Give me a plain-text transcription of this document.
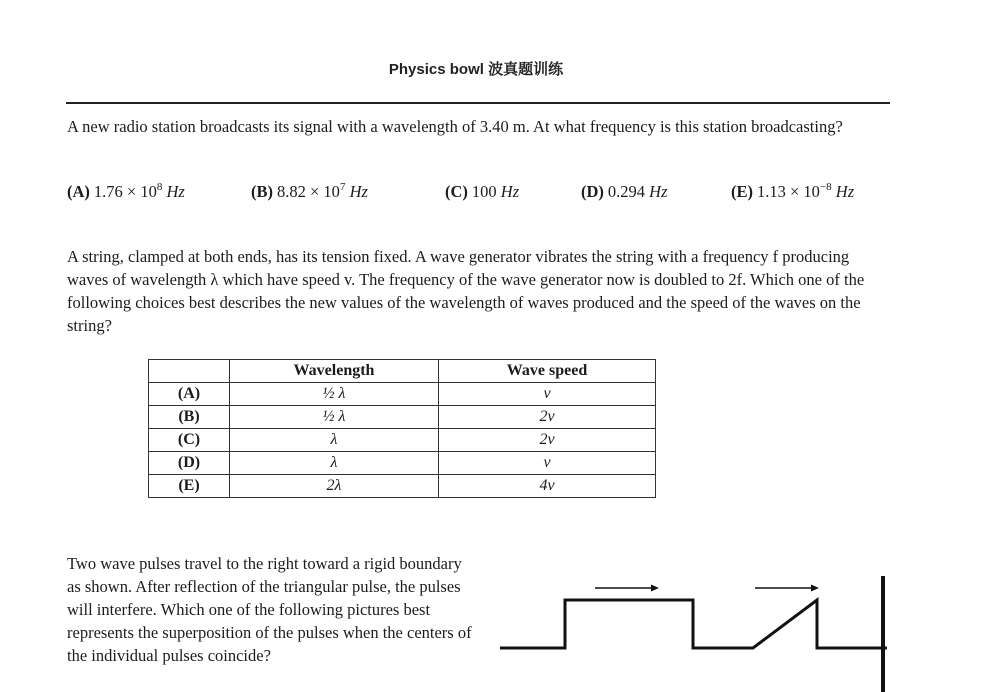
Physics bowl 波真题训练

A new radio station broadcasts its signal with a wavelength of 3.40 m. At what frequency is this station broadcasting?

(A) $1.76 \times 10^8$ Hz	(B) $8.82 \times 10^7$ Hz	(C) 100 Hz	(D) 0.294 Hz	(E) $1.13 \times 10^{-8}$ Hz

A string, clamped at both ends, has its tension fixed. A wave generator vibrates the string with a frequency f producing waves of wavelength λ which have speed v. The frequency of the wave generator now is doubled to 2f. Which one of the following choices best describes the new values of the wavelength of waves produced and the speed of the waves on the string?

	Wavelength	Wave speed
(A)	½ λ	v
(B)	½ λ	2v
(C)	λ	2v
(D)	λ	v
(E)	2λ	4v

Two wave pulses travel to the right toward a rigid boundary as shown. After reflection of the triangular pulse, the pulses will interfere. Which one of the following pictures best represents the superposition of the pulses when the centers of the individual pulses coincide?
